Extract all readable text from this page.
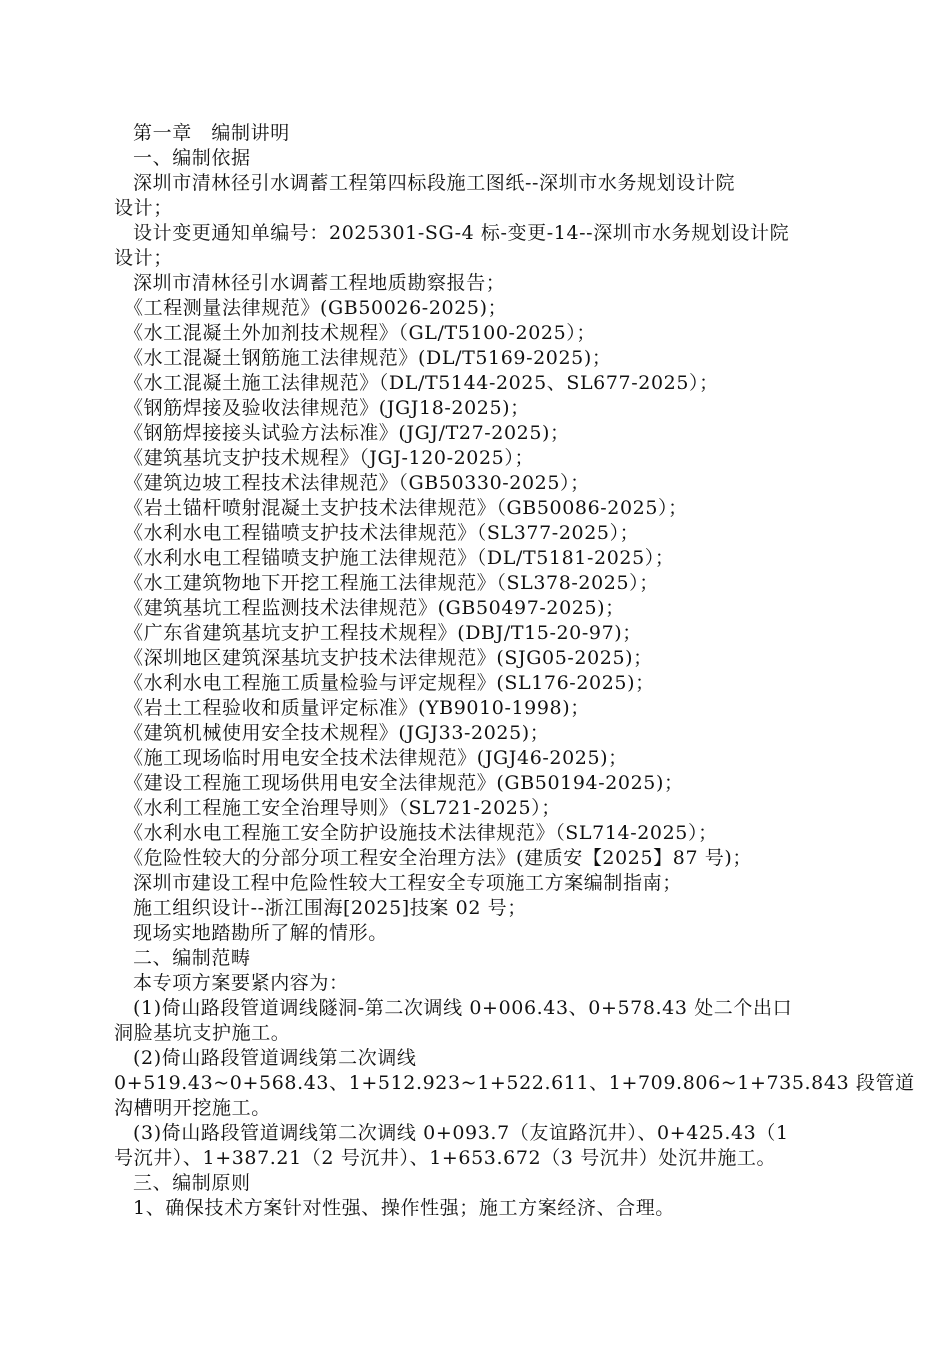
第一章　编制讲明
一、编制依据
深圳市清林径引水调蓄工程第四标段施工图纸--深圳市水务规划设计院
设计；
设计变更通知单编号：2025301-SG-4 标-变更-14--深圳市水务规划设计院
设计；
深圳市清林径引水调蓄工程地质勘察报告；
《工程测量法律规范》(GB50026-2025)；
《水工混凝土外加剂技术规程》（GL/T5100-2025）；
《水工混凝土钢筋施工法律规范》(DL/T5169-2025)；
《水工混凝土施工法律规范》（DL/T5144-2025、SL677-2025）；
《钢筋焊接及验收法律规范》(JGJ18-2025)；
《钢筋焊接接头试验方法标准》(JGJ/T27-2025)；
《建筑基坑支护技术规程》（JGJ-120-2025）；
《建筑边坡工程技术法律规范》（GB50330-2025）；
《岩土锚杆喷射混凝土支护技术法律规范》（GB50086-2025）；
《水利水电工程锚喷支护技术法律规范》（SL377-2025）；
《水利水电工程锚喷支护施工法律规范》（DL/T5181-2025）；
《水工建筑物地下开挖工程施工法律规范》（SL378-2025）；
《建筑基坑工程监测技术法律规范》(GB50497-2025)；
《广东省建筑基坑支护工程技术规程》(DBJ/T15-20-97)；
《深圳地区建筑深基坑支护技术法律规范》(SJG05-2025)；
《水利水电工程施工质量检验与评定规程》(SL176-2025)；
《岩土工程验收和质量评定标准》(YB9010-1998)；
《建筑机械使用安全技术规程》(JGJ33-2025)；
《施工现场临时用电安全技术法律规范》(JGJ46-2025)；
《建设工程施工现场供用电安全法律规范》(GB50194-2025)；
《水利工程施工安全治理导则》（SL721-2025）；
《水利水电工程施工安全防护设施技术法律规范》（SL714-2025）；
《危险性较大的分部分项工程安全治理方法》(建质安【2025】87 号)；
深圳市建设工程中危险性较大工程安全专项施工方案编制指南；
施工组织设计--浙江围海[2025]技案 02 号；
现场实地踏勘所了解的情形。
二、编制范畴
本专项方案要紧内容为：
(1)倚山路段管道调线隧洞-第二次调线 0+006.43、0+578.43 处二个出口
洞脸基坑支护施工。
(2)倚山路段管道调线第二次调线
0+519.43~0+568.43、1+512.923~1+522.611、1+709.806~1+735.843 段管道
沟槽明开挖施工。
(3)倚山路段管道调线第二次调线 0+093.7（友谊路沉井）、0+425.43（1
号沉井）、1+387.21（2 号沉井）、1+653.672（3 号沉井）处沉井施工。
三、编制原则
1、确保技术方案针对性强、操作性强；施工方案经济、合理。
